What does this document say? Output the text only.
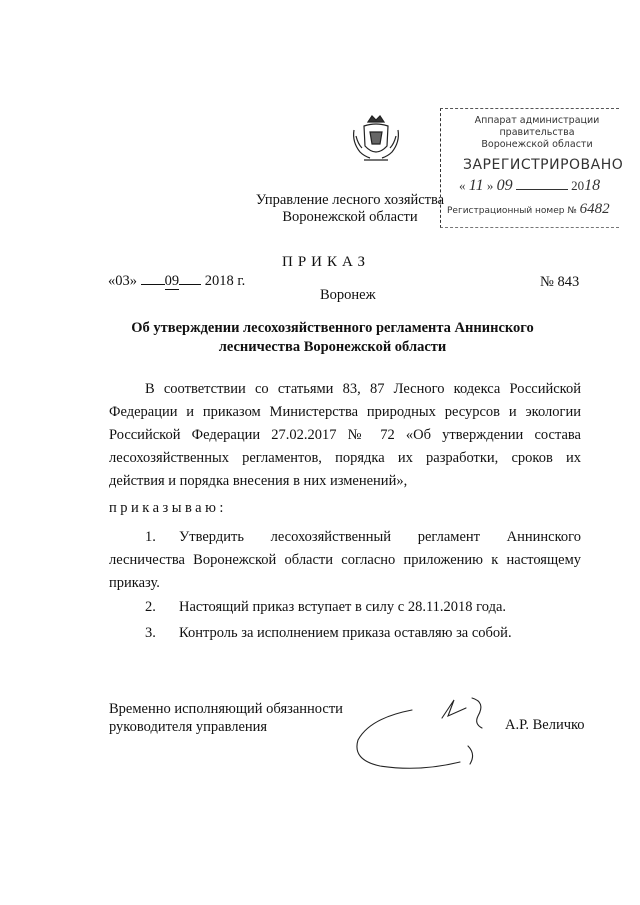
Аппарат администрации правительства
Воронежской области
ЗАРЕГИСТРИРОВАНО
« 11 » 09	2018
Регистрационный номер № 6482
Управление лесного хозяйства
Воронежской области
ПРИКАЗ
«03» 09 2018 г.
Воронеж
№ 843
Об утверждении лесохозяйственного регламента Аннинского
лесничества Воронежской области
В соответствии со статьями 83, 87 Лесного кодекса Российской Федерации и приказом Министерства природных ресурсов и экологии Российской Федерации 27.02.2017 № 72 «Об утверждении состава лесохозяйственных регламентов, порядка их разработки, сроков их действия и порядка внесения в них изменений»,
приказываю:
1. Утвердить лесохозяйственный регламент Аннинского лесничества Воронежской области согласно приложению к настоящему приказу.
2. Настоящий приказ вступает в силу с 28.11.2018 года.
3. Контроль за исполнением приказа оставляю за собой.
Временно исполняющий обязанности
руководителя управления	А.Р. Величко
